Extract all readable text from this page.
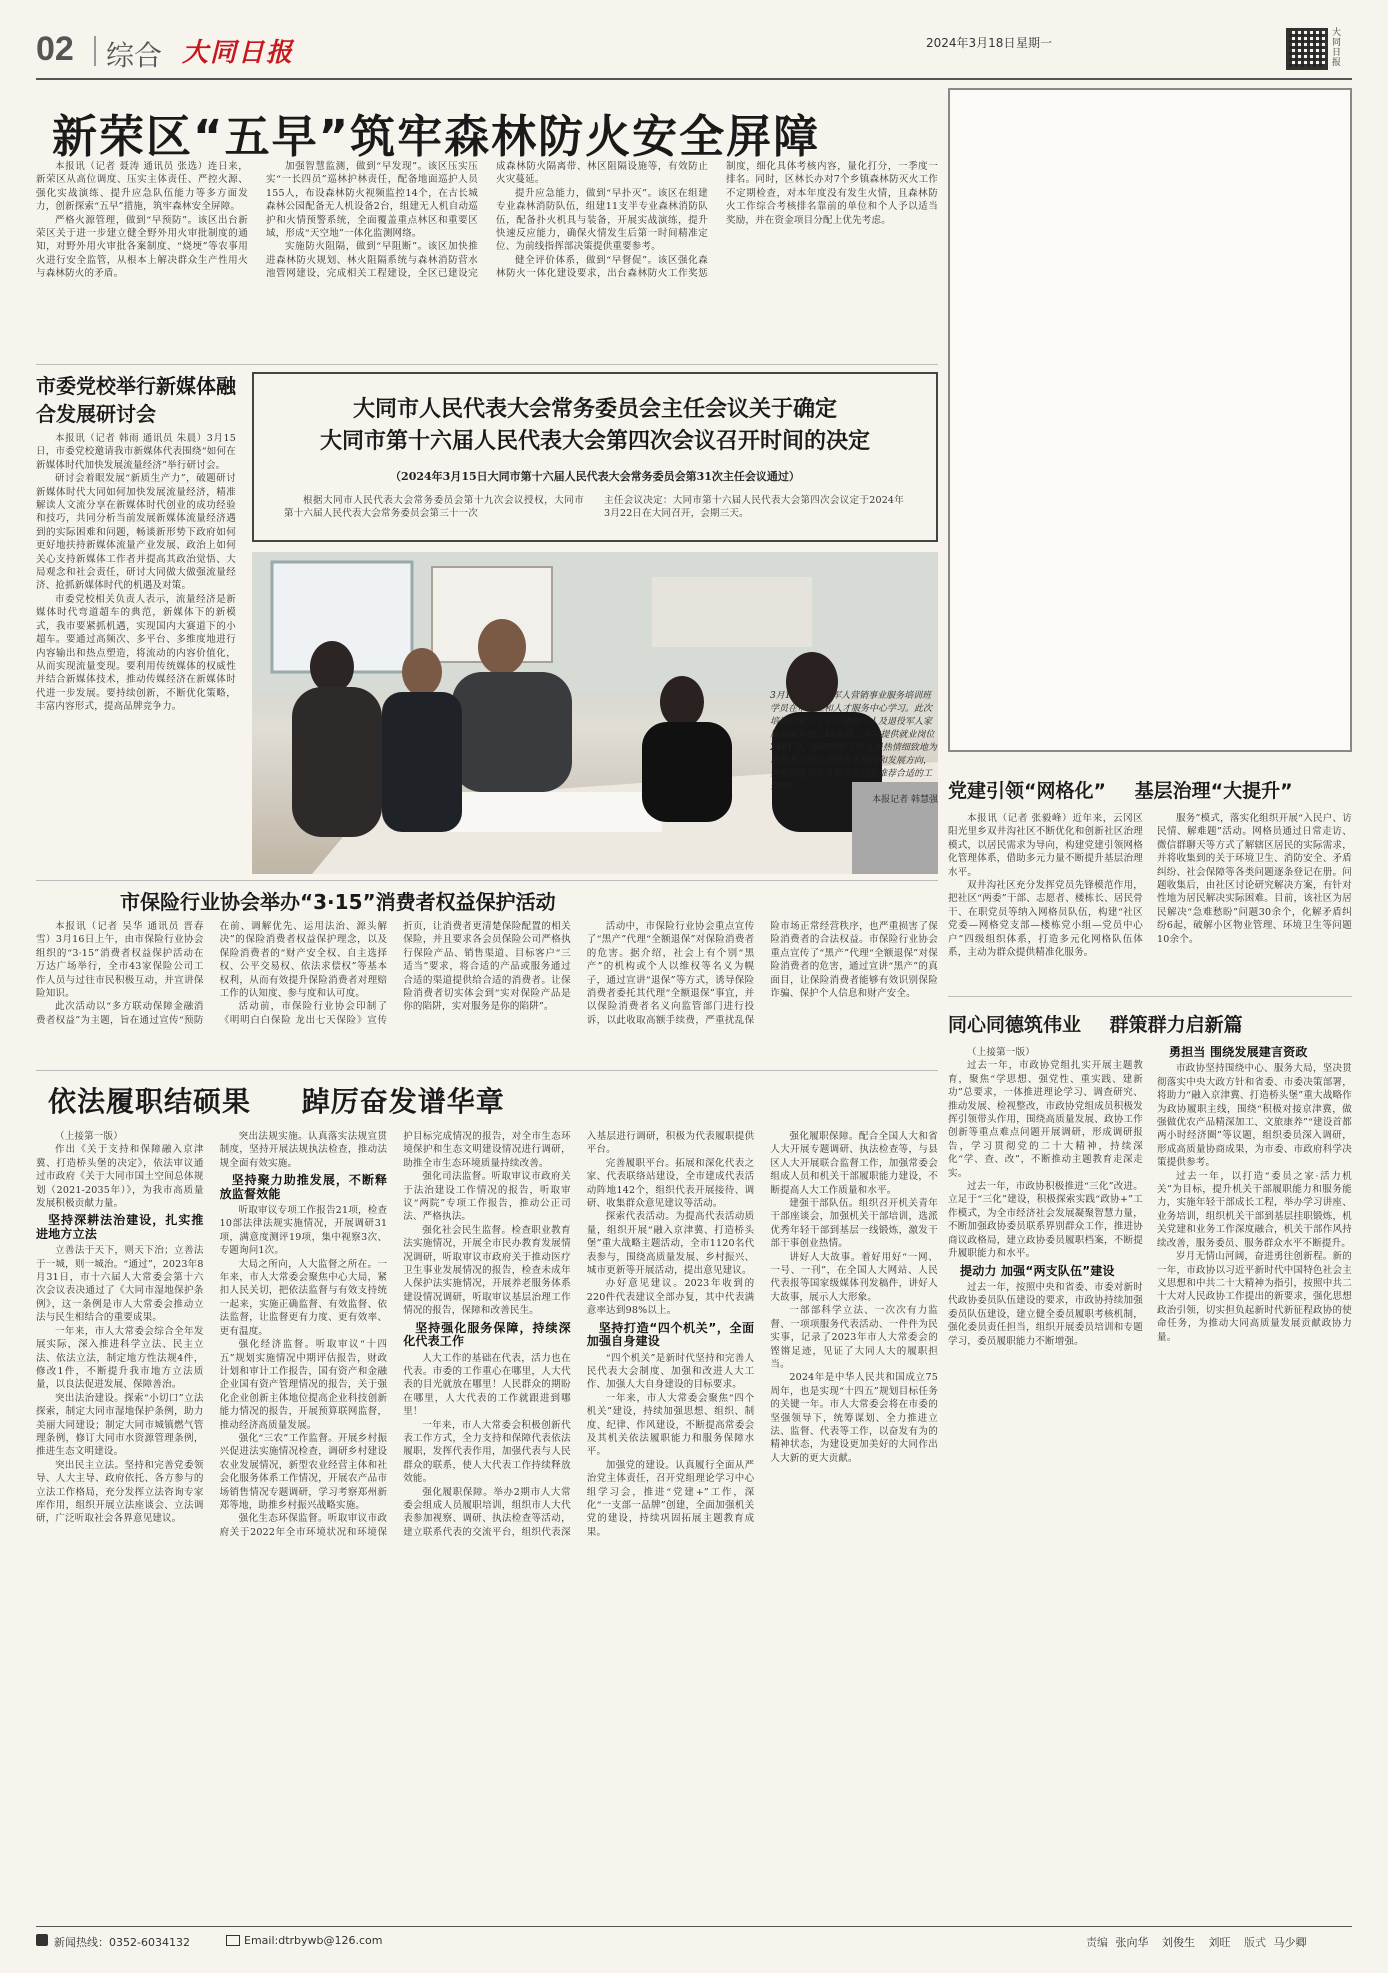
02 综合 大同日报	2024年3月18日 星期一
大同日报
新荣区“五早”筑牢森林防火安全屏障

本报讯（记者 聂涛 通讯员 张选）连日来，新荣区从高位调度、压实主体责任、严控火源、强化实战演练、提升应急队伍能力等多方面发力，创新探索“五早”措施，筑牢森林安全屏障。

严格火源管理，做到“早预防”。该区出台新荣区关于进一步建立健全野外用火审批制度的通知，对野外用火审批各案制度、“烧埂”等农事用火进行安全监管，从根本上解决群众生产性用火与森林防火的矛盾。

加强智慧监测，做到“早发现”。该区压实压实“一长四员”巡林护林责任，配备地面巡护人员155人，布设森林防火视频监控14个，在古长城森林公园配备无人机设备2台，组建无人机自动巡护和火情预警系统，全面覆盖重点林区和重要区域，形成“天空地”一体化监测网络。

实施防火阻隔，做到“早阻断”。该区加快推进森林防火规划、林火阻隔系统与森林消防营水池管网建设，完成相关工程建设，全区已建设完成森林防火隔离带、林区阻隔设施等，有效防止火灾蔓延。

提升应急能力，做到“早扑灭”。该区在组建专业森林消防队伍，组建11支半专业森林消防队伍，配备扑火机具与装备，开展实战演练，提升快速反应能力，确保火情发生后第一时间精准定位、为前线指挥部决策提供重要参考。

健全评价体系，做到“早督促”。该区强化森林防火一体化建设要求，出台森林防火工作奖惩制度，细化具体考核内容，量化打分，一季度一排名。同时，区林长办对7个乡镇森林防灭火工作不定期检查，对本年度没有发生火情，且森林防火工作综合考核排名靠前的单位和个人予以适当奖励，并在资金项目分配上优先考虑。

市委党校举行新媒体融合发展研讨会

本报讯（记者 韩雨 通讯员 朱晨）3月15日，市委党校邀请我市新媒体代表围绕“如何在新媒体时代加快发展流量经济”举行研讨会。

研讨会着眼发展“新质生产力”，破题研讨新媒体时代大同如何加快发展流量经济，精准解读人文流分享在新媒体时代创业的成功经验和技巧，共同分析当前发展新媒体流量经济遇到的实际困难和问题，畅谈新形势下政府如何更好地扶持新媒体流量产业发展、政治上如何关心支持新媒体工作者并提高其政治觉悟、大局观念和社会责任，研讨大同做大做强流量经济、抢抓新媒体时代的机遇及对策。

市委党校相关负责人表示，流量经济是新媒体时代弯道超车的典范，新媒体下的新模式，我市要紧抓机遇，实现国内大赛道下的小超车。要通过高频次、多平台、多维度地进行内容输出和热点塑造，将流动的内容价值化，从而实现流量变现。要利用传统媒体的权威性并结合新媒体技术，推动传媒经济在新媒体时代进一步发展。要持续创新，不断优化策略，丰富内容形式，提高品牌竞争力。

大同市人民代表大会常务委员会主任会议关于确定
大同市第十六届人民代表大会第四次会议召开时间的决定
（2024年3月15日大同市第十六届人民代表大会常务委员会第31次主任会议通过）
根据大同市人民代表大会常务委员会第十九次会议授权，大同市第十六届人民代表大会常务委员会第三十一次
主任会议决定：大同市第十六届人民代表大会第四次会议定于2024年3月22日在大同召开，会期三天。
3月15日，退役军人营销事业服务培训班学员在市就业和人才服务中心学习。此次培训会吸引了不少退役军人及退役军人家属前来参加，46家用工单位提供就业岗位2481个，招聘单位工作人员热情细致地为求职者介绍企业的基本情况和发展方向，并根据退役军人的专业特长推荐合适的工作岗位。
本报记者 韩慧强
市保险行业协会举办“3·15”消费者权益保护活动

本报讯（记者 吴华 通讯员 晋春雪）3月16日上午，由市保险行业协会组织的“3·15”消费者权益保护活动在万达广场举行，全市43家保险公司工作人员与过往市民积极互动，并宣讲保险知识。

此次活动以“多方联动保障金融消费者权益”为主题，旨在通过宣传“预防在前、调解优先、运用法治、源头解决”的保险消费者权益保护理念，以及保险消费者的“财产安全权、自主选择权、公平交易权、依法求偿权”等基本权利，从而有效提升保险消费者对理赔工作的认知度、参与度和认可度。

活动前，市保险行业协会印制了《明明白白保险 龙出七天保险》宣传折页，让消费者更清楚保险配置的相关保险，并且要求各会员保险公司严格执行保险产品、销售渠道、目标客户“三适当”要求，将合适的产品或服务通过合适的渠道提供给合适的消费者。让保险消费者切实体会到“实对保险产品是你的陷阱，实对服务是你的陷阱”。

活动中，市保险行业协会重点宣传了“黑产”代理“全额退保”对保险消费者的危害。据介绍，社会上有个别“黑产”的机构或个人以维权等名义为幌子，通过宣讲“退保”等方式，诱导保险消费者委托其代理“全额退保”事宜，并以保险消费者名义向监管部门进行投诉，以此收取高额手续费，严重扰乱保险市场正常经营秩序，也严重损害了保险消费者的合法权益。市保险行业协会重点宣传了“黑产”代理“全额退保”对保险消费者的危害，通过宣讲“黑产”的真面目，让保险消费者能够有效识别保险诈骗、保护个人信息和财产安全。

党建引领“网格化” 基层治理“大提升”

本报讯（记者 张毅峰）近年来，云冈区阳光里乡双井沟社区不断优化和创新社区治理模式，以居民需求为导向，构建党建引领网格化管理体系，借助多元力量不断提升基层治理水平。

双井沟社区充分发挥党员先锋模范作用，把社区“两委”干部、志愿者、楼栋长、居民骨干、在职党员等纳入网格员队伍，构建“社区党委—网格党支部—楼栋党小组—党员中心户”四级组织体系，打造多元化网格队伍体系，主动为群众提供精准化服务。

服务”模式，落实化组织开展“入民户、访民情、解难题”活动。网格员通过日常走访、微信群聊天等方式了解辖区居民的实际需求，并将收集到的关于环境卫生、消防安全、矛盾纠纷、社会保障等各类问题逐条登记在册。问题收集后，由社区讨论研究解决方案，有针对性地为居民解决实际困难。目前，该社区为居民解决“急难愁盼”问题30余个，化解矛盾纠纷6起，破解小区物业管理、环境卫生等问题10余个。

同心同德筑伟业 群策群力启新篇

（上接第一版）

过去一年，市政协党组扎实开展主题教育，聚焦“学思想、强党性、重实践、建新功”总要求，一体推进理论学习、调查研究、推动发展、检视整改，市政协党组成员积极发挥引领带头作用，围绕高质量发展、政协工作创新等重点难点问题开展调研，形成调研报告，学习贯彻党的二十大精神，持续深化“学、查、改”，不断推动主题教育走深走实。

过去一年，市政协积极推进“三化”改进。立足于“三化”建设，积极探索实践“政协+”工作模式，为全市经济社会发展凝聚智慧力量，不断加强政协委员联系界别群众工作，推进协商议政格局，建立政协委员履职档案，不断提升履职能力和水平。

提动力 加强“两支队伍”建设

过去一年，按照中央和省委、市委对新时代政协委员队伍建设的要求，市政协持续加强委员队伍建设，建立健全委员履职考核机制，强化委员责任担当，组织开展委员培训和专题学习，委员履职能力不断增强。

勇担当 围绕发展建言资政

市政协坚持围绕中心、服务大局，坚决贯彻落实中央大政方针和省委、市委决策部署，将助力“融入京津冀、打造桥头堡”重大战略作为政协履职主线，围绕“积极对接京津冀，做强做优农产品精深加工、文旅康养”“建设首都两小时经济圈”等议题，组织委员深入调研，形成高质量协商成果，为市委、市政府科学决策提供参考。

过去一年，以打造“委员之家·活力机关”为目标，提升机关干部履职能力和服务能力，实施年轻干部成长工程，举办学习讲座、业务培训，组织机关干部到基层挂职锻炼，机关党建和业务工作深度融合，机关干部作风持续改善，服务委员、服务群众水平不断提升。

岁月无情山河阔，奋进勇往创新程。新的一年，市政协以习近平新时代中国特色社会主义思想和中共二十大精神为指引，按照中共二十大对人民政协工作提出的新要求，强化思想政治引领，切实担负起新时代新征程政协的使命任务，为推动大同高质量发展贡献政协力量。

依法履职结硕果 踔厉奋发谱华章

（上接第一版）

作出《关于支持和保障融入京津冀、打造桥头堡的决定》，依法审议通过市政府《关于大同市国土空间总体规划（2021-2035年）》，为我市高质量发展积极贡献力量。

坚持深耕法治建设，扎实推进地方立法

立善法于天下，则天下治；立善法于一城，则一城治。“通过”，2023年8月31日，市十六届人大常委会第十六次会议表决通过了《大同市湿地保护条例》，这一条例是市人大常委会推动立法与民生相结合的重要成果。

一年来，市人大常委会综合全年发展实际，深入推进科学立法、民主立法、依法立法，制定地方性法规4件，修改1件，不断提升我市地方立法质量，以良法促进发展、保障善治。

突出法治建设。探索“小切口”立法探索，制定大同市湿地保护条例，助力美丽大同建设；制定大同市城镇燃气管理条例，修订大同市水资源管理条例，推进生态文明建设。

突出民主立法。坚持和完善党委领导、人大主导、政府依托、各方参与的立法工作格局，充分发挥立法咨询专家库作用，组织开展立法座谈会、立法调研，广泛听取社会各界意见建议。

突出法规实施。认真落实法规宣贯制度，坚持开展法规执法检查，推动法规全面有效实施。

坚持聚力助推发展，不断释放监督效能

听取审议专项工作报告21项，检查10部法律法规实施情况，开展调研31项，满意度测评19项，集中视察3次、专题询问1次。

大局之所向，人大监督之所在。一年来，市人大常委会聚焦中心大局，紧扣人民关切，把依法监督与有效支持统一起来，实施正确监督、有效监督、依法监督，让监督更有力度、更有效率、更有温度。

强化经济监督。听取审议“十四五”规划实施情况中期评估报告，财政计划和审计工作报告，国有资产和金融企业国有资产管理情况的报告，关于强化企业创新主体地位提高企业科技创新能力情况的报告，开展预算联网监督，推动经济高质量发展。

强化“三农”工作监督。开展乡村振兴促进法实施情况检查，调研乡村建设农业发展情况，新型农业经营主体和社会化服务体系工作情况，开展农产品市场销售情况专题调研，学习考察郑州新郑等地，助推乡村振兴战略实施。

强化生态环保监督。听取审议市政府关于2022年全市环境状况和环境保护目标完成情况的报告，对全市生态环境保护和生态文明建设情况进行调研，助推全市生态环境质量持续改善。

强化司法监督。听取审议市政府关于法治建设工作情况的报告，听取审议“两院”专项工作报告，推动公正司法、严格执法。

强化社会民生监督。检查职业教育法实施情况，开展全市民办教育发展情况调研，听取审议市政府关于推动医疗卫生事业发展情况的报告，检查未成年人保护法实施情况，开展养老服务体系建设情况调研，听取审议基层治理工作情况的报告，保障和改善民生。

坚持强化服务保障，持续深化代表工作

人大工作的基础在代表，活力也在代表。市委的工作重心在哪里，人大代表的目光就放在哪里！人民群众的期盼在哪里，人大代表的工作就跟进到哪里！

一年来，市人大常委会积极创新代表工作方式，全力支持和保障代表依法履职，发挥代表作用，加强代表与人民群众的联系，使人大代表工作持续释放效能。

强化履职保障。举办2期市人大常委会组成人员履职培训，组织市人大代表参加视察、调研、执法检查等活动，建立联系代表的交流平台，组织代表深入基层进行调研，积极为代表履职提供平台。

完善履职平台。拓展和深化代表之家、代表联络站建设，全市建成代表活动阵地142个，组织代表开展接待、调研、收集群众意见建议等活动。

探索代表活动。为提高代表活动质量，组织开展“融入京津冀、打造桥头堡”重大战略主题活动，全市1120名代表参与，围绕高质量发展、乡村振兴、城市更新等开展活动，提出意见建议。

办好意见建议。2023年收到的220件代表建议全部办复，其中代表满意率达到98%以上。

坚持打造“四个机关”，全面加强自身建设

“四个机关”是新时代坚持和完善人民代表大会制度、加强和改进人大工作、加强人大自身建设的目标要求。

一年来，市人大常委会聚焦“四个机关”建设，持续加强思想、组织、制度、纪律、作风建设，不断提高常委会及其机关依法履职能力和服务保障水平。

加强党的建设。认真履行全面从严治党主体责任，召开党组理论学习中心组学习会，推进“党建+”工作，深化“一支部一品牌”创建，全面加强机关党的建设，持续巩固拓展主题教育成果。

强化履职保障。配合全国人大和省人大开展专题调研、执法检查等，与县区人大开展联合监督工作，加强常委会组成人员和机关干部履职能力建设，不断提高人大工作质量和水平。

建强干部队伍。组织召开机关青年干部座谈会，加强机关干部培训，选派优秀年轻干部到基层一线锻炼，激发干部干事创业热情。

讲好人大故事。着好用好“一网、一号、一刊”，在全国人大网站、人民代表报等国家级媒体刊发稿件，讲好人大故事，展示人大形象。

一部部科学立法、一次次有力监督、一项项服务代表活动、一件件为民实事，记录了2023年市人大常委会的铿锵足迹，见证了大同人大的履职担当。

2024年是中华人民共和国成立75周年，也是实现“十四五”规划目标任务的关键一年。市人大常委会将在市委的坚强领导下，统筹谋划、全力推进立法、监督、代表等工作，以奋发有为的精神状态，为建设更加美好的大同作出人大新的更大贡献。

新闻热线：0352-6034132	Email:dtrbywb@126.com	责编 张向华 刘俊生 刘旺 版式 马少卿
